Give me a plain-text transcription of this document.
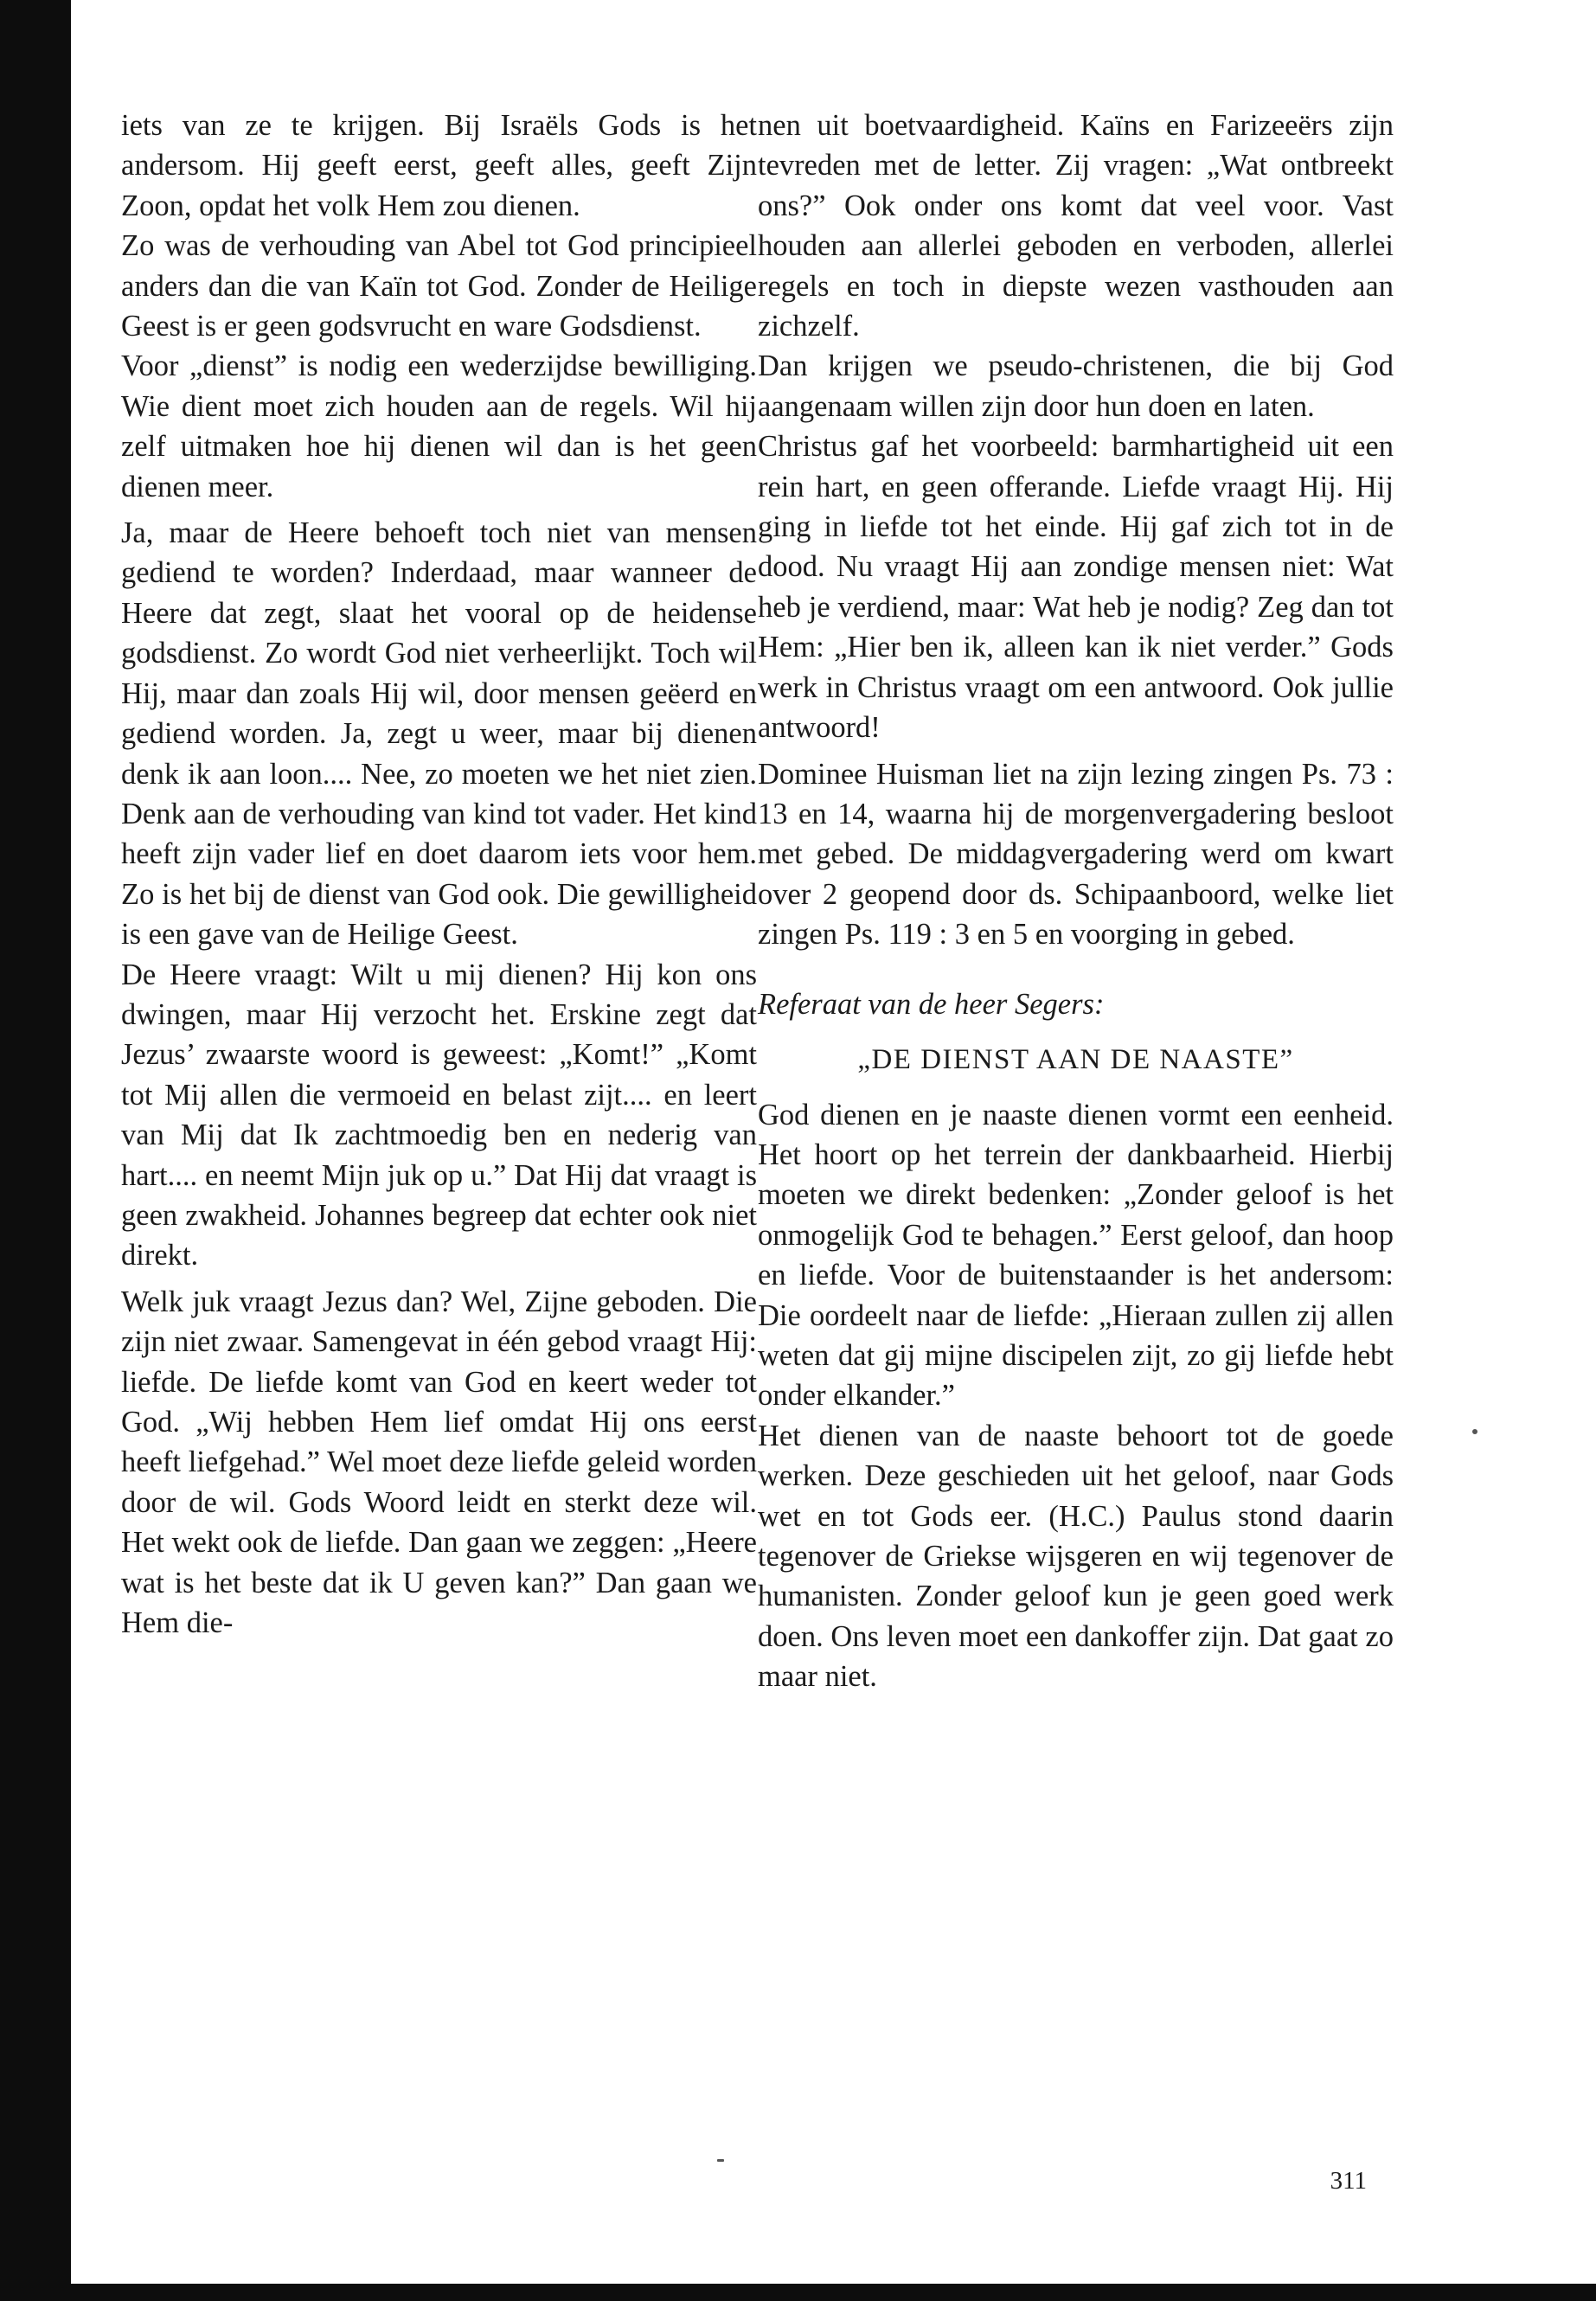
iets van ze te krijgen. Bij Israëls Gods is het andersom. Hij geeft eerst, geeft alles, geeft Zijn Zoon, opdat het volk Hem zou dienen.

Zo was de verhouding van Abel tot God principieel anders dan die van Kaïn tot God. Zonder de Heilige Geest is er geen godsvrucht en ware Godsdienst.

Voor „dienst” is nodig een wederzijdse bewilliging. Wie dient moet zich houden aan de regels. Wil hij zelf uitmaken hoe hij dienen wil dan is het geen dienen meer.

Ja, maar de Heere behoeft toch niet van mensen gediend te worden? Inderdaad, maar wanneer de Heere dat zegt, slaat het vooral op de heidense godsdienst. Zo wordt God niet verheerlijkt. Toch wil Hij, maar dan zoals Hij wil, door mensen geëerd en gediend worden. Ja, zegt u weer, maar bij dienen denk ik aan loon.... Nee, zo moeten we het niet zien. Denk aan de verhouding van kind tot vader. Het kind heeft zijn vader lief en doet daarom iets voor hem. Zo is het bij de dienst van God ook. Die gewilligheid is een gave van de Heilige Geest.

De Heere vraagt: Wilt u mij dienen? Hij kon ons dwingen, maar Hij verzocht het. Erskine zegt dat Jezus’ zwaarste woord is geweest: „Komt!” „Komt tot Mij allen die vermoeid en belast zijt.... en leert van Mij dat Ik zachtmoedig ben en nederig van hart.... en neemt Mijn juk op u.” Dat Hij dat vraagt is geen zwakheid. Johannes begreep dat echter ook niet direkt.

Welk juk vraagt Jezus dan? Wel, Zijne geboden. Die zijn niet zwaar. Samengevat in één gebod vraagt Hij: liefde. De liefde komt van God en keert weder tot God. „Wij hebben Hem lief omdat Hij ons eerst heeft liefgehad.” Wel moet deze liefde geleid worden door de wil. Gods Woord leidt en sterkt deze wil. Het wekt ook de liefde. Dan gaan we zeggen: „Heere wat is het beste dat ik U geven kan?” Dan gaan we Hem die-

nen uit boetvaardigheid. Kaïns en Farizeeërs zijn tevreden met de letter. Zij vragen: „Wat ontbreekt ons?” Ook onder ons komt dat veel voor. Vast houden aan allerlei geboden en verboden, allerlei regels en toch in diepste wezen vasthouden aan zichzelf.

Dan krijgen we pseudo-christenen, die bij God aangenaam willen zijn door hun doen en laten.

Christus gaf het voorbeeld: barmhartigheid uit een rein hart, en geen offerande. Liefde vraagt Hij. Hij ging in liefde tot het einde. Hij gaf zich tot in de dood. Nu vraagt Hij aan zondige mensen niet: Wat heb je verdiend, maar: Wat heb je nodig? Zeg dan tot Hem: „Hier ben ik, alleen kan ik niet verder.” Gods werk in Christus vraagt om een antwoord. Ook jullie antwoord!

Dominee Huisman liet na zijn lezing zingen Ps. 73 : 13 en 14, waarna hij de morgenvergadering besloot met gebed. De middagvergadering werd om kwart over 2 geopend door ds. Schipaanboord, welke liet zingen Ps. 119 : 3 en 5 en voorging in gebed.

Referaat van de heer Segers:

„DE DIENST AAN DE NAASTE”

God dienen en je naaste dienen vormt een eenheid. Het hoort op het terrein der dankbaarheid. Hierbij moeten we direkt bedenken: „Zonder geloof is het onmogelijk God te behagen.” Eerst geloof, dan hoop en liefde. Voor de buitenstaander is het andersom: Die oordeelt naar de liefde: „Hieraan zullen zij allen weten dat gij mijne discipelen zijt, zo gij liefde hebt onder elkander.”

Het dienen van de naaste behoort tot de goede werken. Deze geschieden uit het geloof, naar Gods wet en tot Gods eer. (H.C.) Paulus stond daarin tegenover de Griekse wijsgeren en wij tegenover de humanisten. Zonder geloof kun je geen goed werk doen. Ons leven moet een dankoffer zijn. Dat gaat zo maar niet.

311
